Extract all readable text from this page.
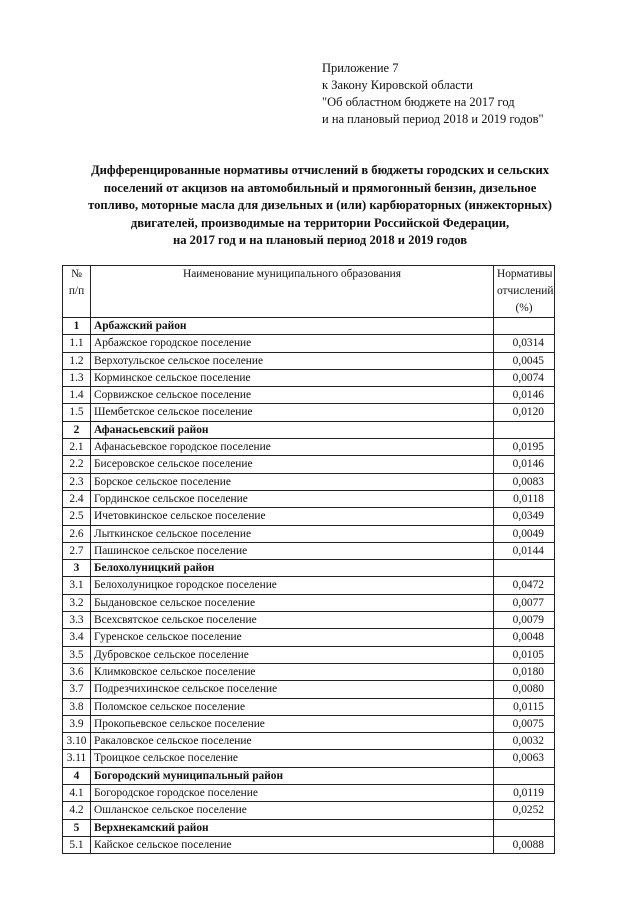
Приложение 7
к Закону Кировской области
"Об областном бюджете на 2017 год
и на плановый период 2018 и 2019 годов"
Дифференцированные нормативы отчислений в бюджеты городских и сельских
поселений от акцизов на автомобильный и прямогонный бензин, дизельное
топливо, моторные масла для дизельных и (или) карбюраторных (инжекторных)
двигателей, производимые на территории Российской Федерации,
на 2017 год и на плановый период 2018 и 2019 годов
№
п/п	Наименование муниципального образования	Нормативы
отчислений
(%)

1	Арбажский район	
1.1	Арбажское городское поселение	0,0314
1.2	Верхотульское сельское поселение	0,0045
1.3	Корминское сельское поселение	0,0074
1.4	Сорвижское сельское поселение	0,0146
1.5	Шембетское сельское поселение	0,0120
2	Афанасьевский район	
2.1	Афанасьевское городское поселение	0,0195
2.2	Бисеровское сельское поселение	0,0146
2.3	Борское сельское поселение	0,0083
2.4	Гординское сельское поселение	0,0118
2.5	Ичетовкинское сельское поселение	0,0349
2.6	Лыткинское сельское поселение	0,0049
2.7	Пашинское сельское поселение	0,0144
3	Белохолуницкий район	
3.1	Белохолуницкое городское поселение	0,0472
3.2	Быдановское сельское поселение	0,0077
3.3	Всехсвятское сельское поселение	0,0079
3.4	Гуренское сельское поселение	0,0048
3.5	Дубровское сельское поселение	0,0105
3.6	Климковское сельское поселение	0,0180
3.7	Подрезчихинское сельское поселение	0,0080
3.8	Поломское сельское поселение	0,0115
3.9	Прокопьевское сельское поселение	0,0075
3.10	Ракаловское сельское поселение	0,0032
3.11	Троицкое сельское поселение	0,0063
4	Богородский муниципальный район	
4.1	Богородское городское поселение	0,0119
4.2	Ошланское сельское поселение	0,0252
5	Верхнекамский район	
5.1	Кайское сельское поселение	0,0088
